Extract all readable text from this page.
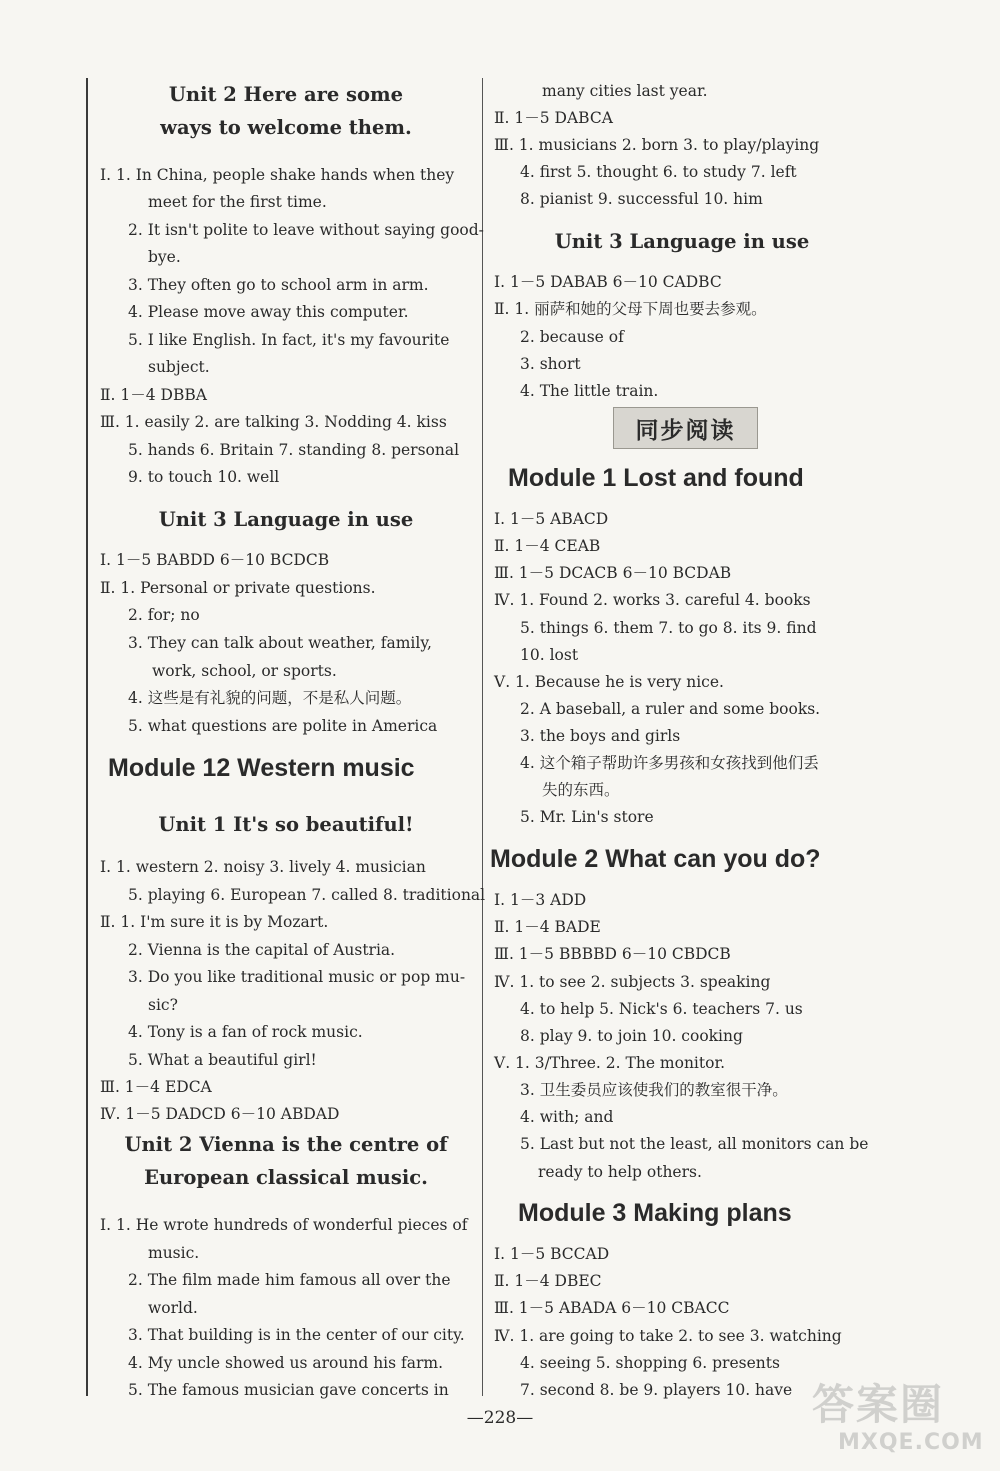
Unit 2 Here are some
ways to welcome them.
Ⅰ. 1. In China, people shake hands when they
meet for the first time.
2. It isn't polite to leave without saying good-
bye.
3. They often go to school arm in arm.
4. Please move away this computer.
5. I like English. In fact, it's my favourite
subject.
Ⅱ. 1－4 DBBA
Ⅲ. 1. easily 2. are talking 3. Nodding 4. kiss
5. hands 6. Britain 7. standing 8. personal
9. to touch 10. well
Unit 3 Language in use
Ⅰ. 1－5 BABDD 6－10 BCDCB
Ⅱ. 1. Personal or private questions.
2. for; no
3. They can talk about weather, family,
work, school, or sports.
4. 这些是有礼貌的问题，不是私人问题。
5. what questions are polite in America
Module 12 Western music
Unit 1 It's so beautiful!
Ⅰ. 1. western 2. noisy 3. lively 4. musician
5. playing 6. European 7. called 8. traditional
Ⅱ. 1. I'm sure it is by Mozart.
2. Vienna is the capital of Austria.
3. Do you like traditional music or pop mu-
sic?
4. Tony is a fan of rock music.
5. What a beautiful girl!
Ⅲ. 1－4 EDCA
Ⅳ. 1－5 DADCD 6－10 ABDAD
Unit 2 Vienna is the centre of
European classical music.
Ⅰ. 1. He wrote hundreds of wonderful pieces of
music.
2. The film made him famous all over the
world.
3. That building is in the center of our city.
4. My uncle showed us around his farm.
5. The famous musician gave concerts in
many cities last year.
Ⅱ. 1－5 DABCA
Ⅲ. 1. musicians 2. born 3. to play/playing
4. first 5. thought 6. to study 7. left
8. pianist 9. successful 10. him
Unit 3 Language in use
Ⅰ. 1－5 DABAB 6－10 CADBC
Ⅱ. 1. 丽萨和她的父母下周也要去参观。
2. because of
3. short
4. The little train.
同步阅读
Module 1 Lost and found
Ⅰ. 1－5 ABACD
Ⅱ. 1－4 CEAB
Ⅲ. 1－5 DCACB 6－10 BCDAB
Ⅳ. 1. Found 2. works 3. careful 4. books
5. things 6. them 7. to go 8. its 9. find
10. lost
Ⅴ. 1. Because he is very nice.
2. A baseball, a ruler and some books.
3. the boys and girls
4. 这个箱子帮助许多男孩和女孩找到他们丢
失的东西。
5. Mr. Lin's store
Module 2 What can you do?
Ⅰ. 1－3 ADD
Ⅱ. 1－4 BADE
Ⅲ. 1－5 BBBBD 6－10 CBDCB
Ⅳ. 1. to see 2. subjects 3. speaking
4. to help 5. Nick's 6. teachers 7. us
8. play 9. to join 10. cooking
Ⅴ. 1. 3/Three. 2. The monitor.
3. 卫生委员应该使我们的教室很干净。
4. with; and
5. Last but not the least, all monitors can be
ready to help others.
Module 3 Making plans
Ⅰ. 1－5 BCCAD
Ⅱ. 1－4 DBEC
Ⅲ. 1－5 ABADA 6－10 CBACC
Ⅳ. 1. are going to take 2. to see 3. watching
4. seeing 5. shopping 6. presents
7. second 8. be 9. players 10. have
—228—	答案圈
MXQE.COM
